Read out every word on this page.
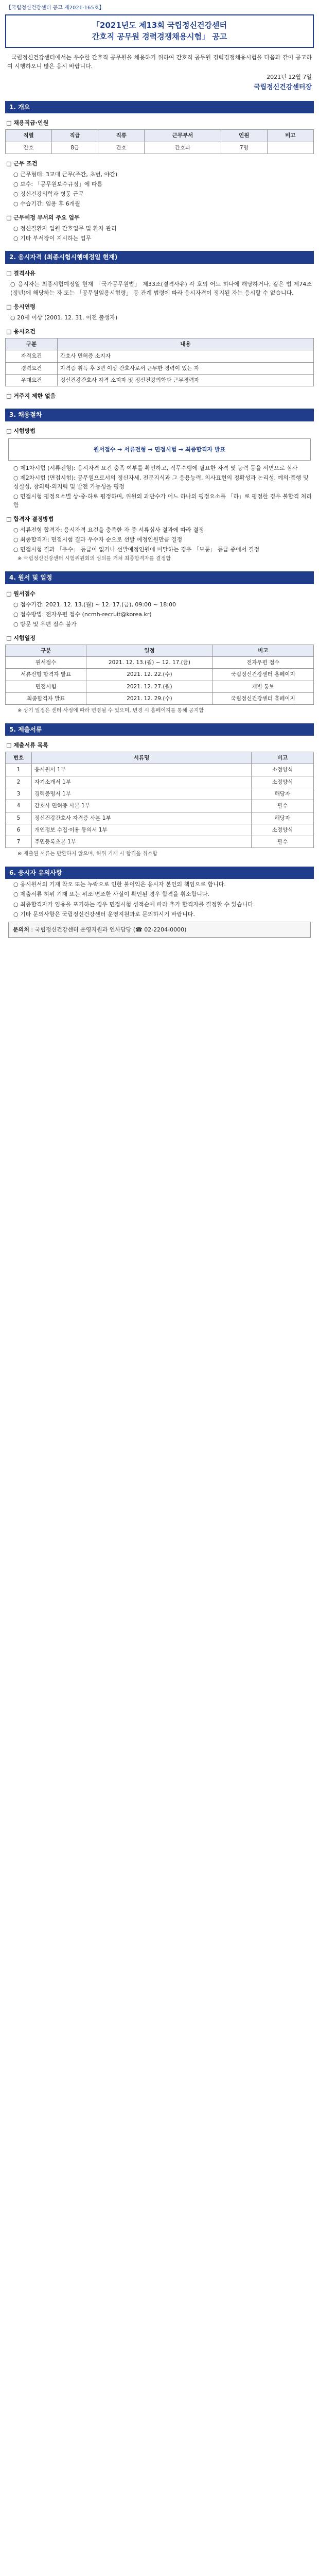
【국립정신건강센터 공고 제2021-165호】
「2021년도 제13회 국립정신건강센터
간호직 공무원 경력경쟁채용시험」 공고

국립정신건강센터에서는 우수한 간호직 공무원을 채용하기 위하여 간호직 공무원 경력경쟁채용시험을 다음과 같이 공고하여 시행하오니 많은 응시 바랍니다.

2021년 12월 7일
국립정신건강센터장
1. 개요
□ 채용직급·인원
직렬	직급	직류	근무부서	인원	비고
간호	8급	간호	간호과	7명	
□ 근무 조건
○ 근무형태: 3교대 근무(주간, 초번, 야간)
○ 보수: 「공무원보수규정」에 따름
○ 정신건강의학과 병동 근무
○ 수습기간: 임용 후 6개월
□ 근무예정 부서의 주요 업무
○ 정신질환자 입원 간호업무 및 환자 관리
○ 기타 부서장이 지시하는 업무
2. 응시자격 (최종시험시행예정일 현재)
□ 결격사유
○ 응시자는 최종시험예정일 현재 「국가공무원법」 제33조(결격사유) 각 호의 어느 하나에 해당하거나, 같은 법 제74조(정년)에 해당하는 자 또는 「공무원임용시험령」 등 관계 법령에 따라 응시자격이 정지된 자는 응시할 수 없습니다.
□ 응시연령
○ 20세 이상 (2001. 12. 31. 이전 출생자)
□ 응시요건
구분	내용
자격요건	간호사 면허증 소지자
경력요건	자격증 취득 후 3년 이상 간호사로서 근무한 경력이 있는 자
우대요건	정신건강간호사 자격 소지자 및 정신건강의학과 근무경력자
□ 거주지 제한 없음
3. 채용절차
□ 시험방법
원서접수 → 서류전형 → 면접시험 → 최종합격자 발표
○ 제1차시험 (서류전형): 응시자격 요건 충족 여부를 확인하고, 직무수행에 필요한 자격 및 능력 등을 서면으로 심사
○ 제2차시험 (면접시험): 공무원으로서의 정신자세, 전문지식과 그 응용능력, 의사표현의 정확성과 논리성, 예의·품행 및 성실성, 창의력·의지력 및 발전 가능성을 평정
○ 면접시험 평정요소별 상·중·하로 평정하며, 위원의 과반수가 어느 하나의 평정요소를 「하」로 평정한 경우 불합격 처리함
□ 합격자 결정방법
○ 서류전형 합격자: 응시자격 요건을 충족한 자 중 서류심사 결과에 따라 결정
○ 최종합격자: 면접시험 결과 우수자 순으로 선발 예정인원만큼 결정
○ 면접시험 결과 「우수」 등급이 없거나 선발예정인원에 미달하는 경우 「보통」 등급 중에서 결정
※ 국립정신건강센터 시험위원회의 심의를 거쳐 최종합격자를 결정함
4. 원서 및 일정
□ 원서접수
○ 접수기간: 2021. 12. 13.(월) ~ 12. 17.(금), 09:00 ~ 18:00
○ 접수방법: 전자우편 접수 (ncmh-recruit@korea.kr)
○ 방문 및 우편 접수 불가
□ 시험일정
구분	일정	비고
원서접수	2021. 12. 13.(월) ~ 12. 17.(금)	전자우편 접수
서류전형 합격자 발표	2021. 12. 22.(수)	국립정신건강센터 홈페이지
면접시험	2021. 12. 27.(월)	개별 통보
최종합격자 발표	2021. 12. 29.(수)	국립정신건강센터 홈페이지
※ 상기 일정은 센터 사정에 따라 변경될 수 있으며, 변경 시 홈페이지를 통해 공지함
5. 제출서류
□ 제출서류 목록
번호	서류명	비고
1	응시원서 1부	소정양식
2	자기소개서 1부	소정양식
3	경력증명서 1부	해당자
4	간호사 면허증 사본 1부	필수
5	정신건강간호사 자격증 사본 1부	해당자
6	개인정보 수집·이용 동의서 1부	소정양식
7	주민등록초본 1부	필수
※ 제출된 서류는 반환하지 않으며, 허위 기재 시 합격을 취소함
6. 응시자 유의사항
○ 응시원서의 기재 착오 또는 누락으로 인한 불이익은 응시자 본인의 책임으로 합니다.
○ 제출서류 허위 기재 또는 위조·변조한 사실이 확인된 경우 합격을 취소합니다.
○ 최종합격자가 임용을 포기하는 경우 면접시험 성적순에 따라 추가 합격자를 결정할 수 있습니다.
○ 기타 문의사항은 국립정신건강센터 운영지원과로 문의하시기 바랍니다.
문의처 : 국립정신건강센터 운영지원과 인사담당 (☎ 02-2204-0000)
